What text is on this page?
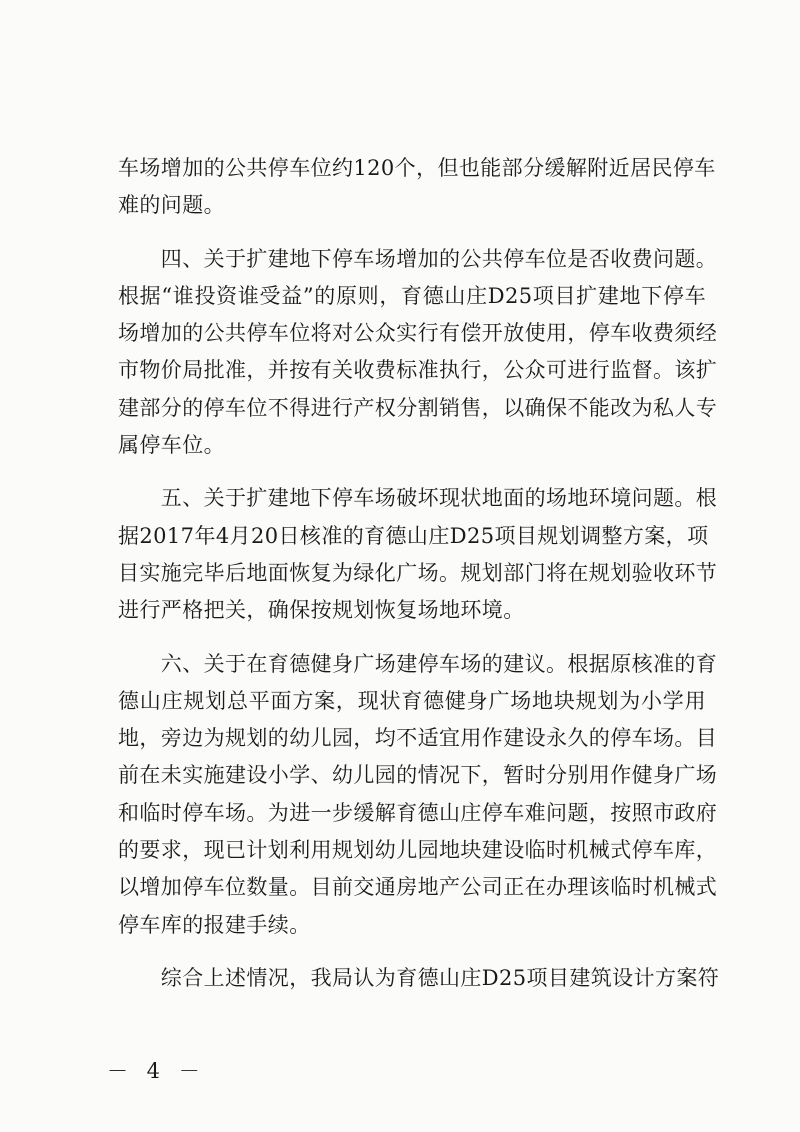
车场增加的公共停车位约120个，但也能部分缓解附近居民停车
难的问题。
　　四、关于扩建地下停车场增加的公共停车位是否收费问题。
根据“谁投资谁受益”的原则，育德山庄D25项目扩建地下停车
场增加的公共停车位将对公众实行有偿开放使用，停车收费须经
市物价局批准，并按有关收费标准执行，公众可进行监督。该扩
建部分的停车位不得进行产权分割销售，以确保不能改为私人专
属停车位。
　　五、关于扩建地下停车场破坏现状地面的场地环境问题。根
据2017年4月20日核准的育德山庄D25项目规划调整方案，项
目实施完毕后地面恢复为绿化广场。规划部门将在规划验收环节
进行严格把关，确保按规划恢复场地环境。
　　六、关于在育德健身广场建停车场的建议。根据原核准的育
德山庄规划总平面方案，现状育德健身广场地块规划为小学用
地，旁边为规划的幼儿园，均不适宜用作建设永久的停车场。目
前在未实施建设小学、幼儿园的情况下，暂时分别用作健身广场
和临时停车场。为进一步缓解育德山庄停车难问题，按照市政府
的要求，现已计划利用规划幼儿园地块建设临时机械式停车库，
以增加停车位数量。目前交通房地产公司正在办理该临时机械式
停车库的报建手续。
　　综合上述情况，我局认为育德山庄D25项目建筑设计方案符
－ 4 －
